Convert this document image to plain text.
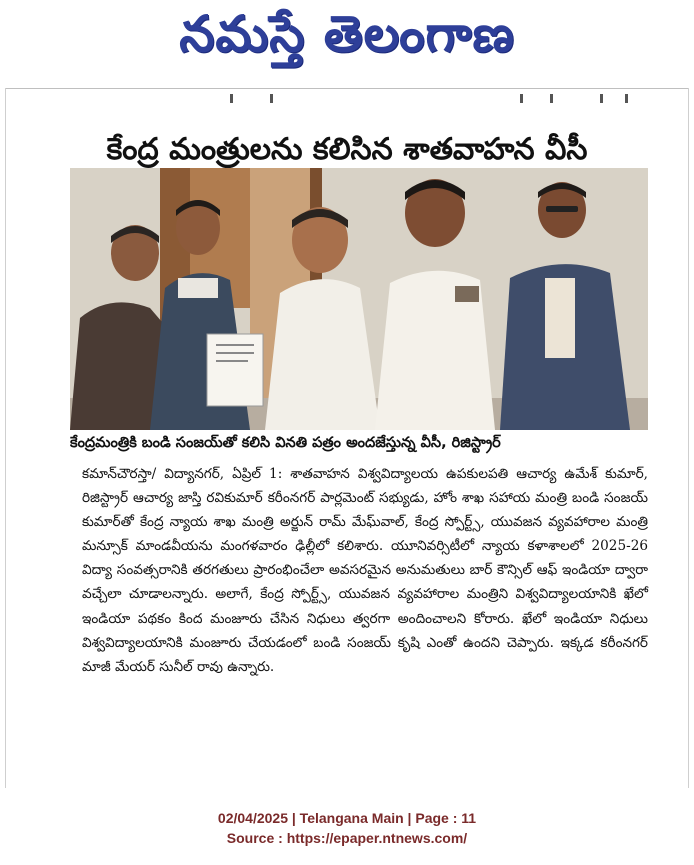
నమస్తే తెలంగాణ
కేంద్ర మంత్రులను కలిసిన శాతవాహన వీసీ
కేంద్రమంత్రికి బండి సంజయ్‌తో కలిసి వినతి పత్రం అందజేస్తున్న వీసీ, రిజిస్ట్రార్
కమాన్‌చౌరస్తా/ విద్యానగర్, ఏప్రిల్ 1: శాతవాహన విశ్వవిద్యాలయ ఉపకులపతి ఆచార్య ఉమేశ్ కుమార్, రిజిస్ట్రార్ ఆచార్య జాస్తి రవికుమార్ కరీంనగర్ పార్లమెంట్ సభ్యుడు, హోం శాఖ సహాయ మంత్రి బండి సంజయ్ కుమార్‌తో కేంద్ర న్యాయ శాఖ మంత్రి అర్జున్ రామ్ మేఘ్‌వాల్, కేంద్ర స్పోర్ట్స్, యువజన వ్యవహారాల మంత్రి మన్సూక్ మాండవీయను మంగళవారం ఢిల్లీలో కలిశారు. యూనివర్సిటీలో న్యాయ కళాశాలలో 2025-26 విద్యా సంవత్సరానికి తరగతులు ప్రారంభించేలా అవసరమైన అనుమతులు బార్ కౌన్సిల్ ఆఫ్ ఇండియా ద్వారా వచ్చేలా చూడాలన్నారు. అలాగే, కేంద్ర స్పోర్ట్స్, యువజన వ్యవహారాల మంత్రిని విశ్వవిద్యాలయానికి ఖేలో ఇండియా పథకం కింద మంజూరు చేసిన నిధులు త్వరగా అందించాలని కోరారు. ఖేలో ఇండియా నిధులు విశ్వవిద్యాలయానికి మంజూరు చేయడంలో బండి సంజయ్ కృషి ఎంతో ఉందని చెప్పారు. ఇక్కడ కరీంనగర్ మాజీ మేయర్ సునీల్ రావు ఉన్నారు.
02/04/2025 | Telangana Main | Page : 11
Source : https://epaper.ntnews.com/
